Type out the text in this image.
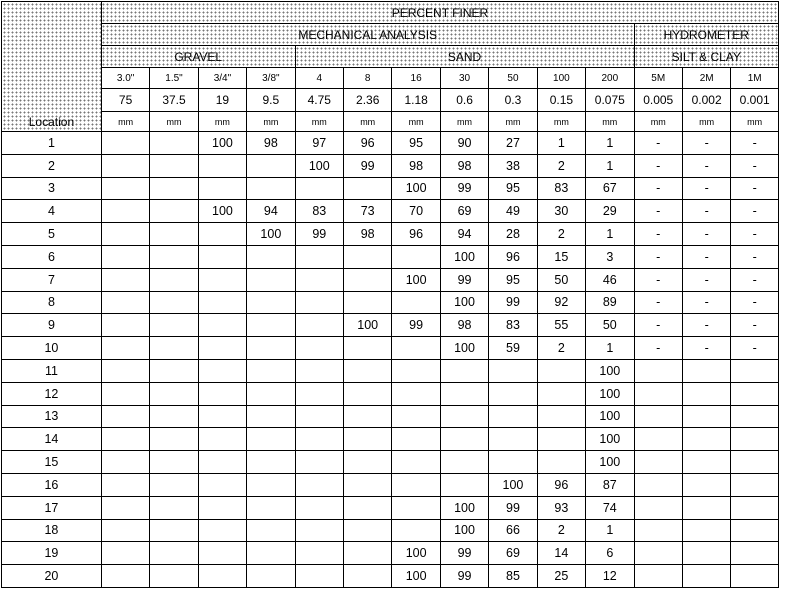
Location	PERCENT FINER													
	MECHANICAL ANALYSIS											HYDROMETER		
	GRAVEL				SAND							SILT & CLAY		
	3.0"	1.5"	3/4"	3/8"	4	8	16	30	50	100	200	5M	2M	1M
	75	37.5	19	9.5	4.75	2.36	1.18	0.6	0.3	0.15	0.075	0.005	0.002	0.001
	mm	mm	mm	mm	mm	mm	mm	mm	mm	mm	mm	mm	mm	mm
1			100	98	97	96	95	90	27	1	1	-	-	-
2					100	99	98	98	38	2	1	-	-	-
3							100	99	95	83	67	-	-	-
4			100	94	83	73	70	69	49	30	29	-	-	-
5				100	99	98	96	94	28	2	1	-	-	-
6								100	96	15	3	-	-	-
7							100	99	95	50	46	-	-	-
8								100	99	92	89	-	-	-
9						100	99	98	83	55	50	-	-	-
10								100	59	2	1	-	-	-
11											100			
12											100			
13											100			
14											100			
15											100			
16									100	96	87			
17								100	99	93	74			
18								100	66	2	1			
19							100	99	69	14	6			
20							100	99	85	25	12			
